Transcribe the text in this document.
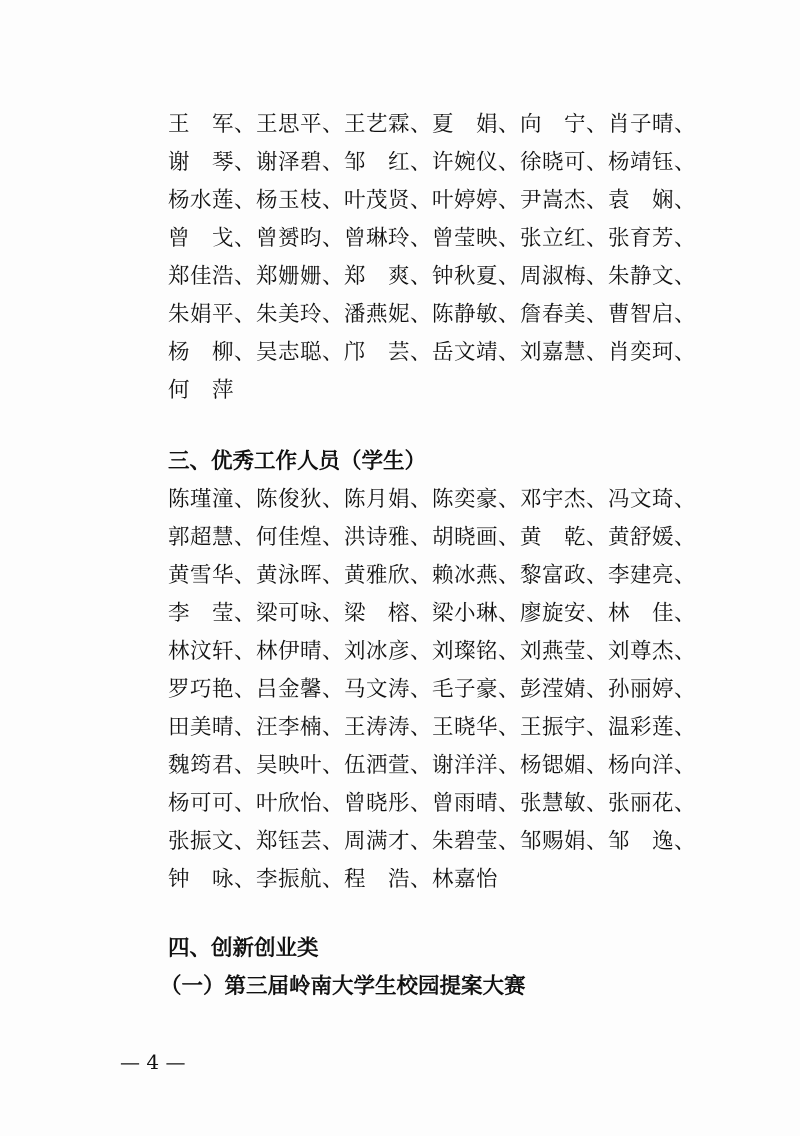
王　军、王思平、王艺霖、夏　娟、向　宁、肖子晴、
谢　琴、谢泽碧、邹　红、许婉仪、徐晓可、杨靖钰、
杨水莲、杨玉枝、叶茂贤、叶婷婷、尹嵩杰、袁　娴、
曾　戈、曾赟昀、曾琳玲、曾莹映、张立红、张育芳、
郑佳浩、郑姗姗、郑　爽、钟秋夏、周淑梅、朱静文、
朱娟平、朱美玲、潘燕妮、陈静敏、詹春美、曹智启、
杨　柳、吴志聪、邝　芸、岳文靖、刘嘉慧、肖奕珂、
何　萍
三、优秀工作人员（学生）
陈瑾潼、陈俊狄、陈月娟、陈奕豪、邓宇杰、冯文琦、
郭超慧、何佳煌、洪诗雅、胡晓画、黄　乾、黄舒媛、
黄雪华、黄泳晖、黄雅欣、赖冰燕、黎富政、李建亮、
李　莹、梁可咏、梁　榕、梁小琳、廖旋安、林　佳、
林汶轩、林伊晴、刘冰彦、刘璨铭、刘燕莹、刘尊杰、
罗巧艳、吕金馨、马文涛、毛子豪、彭滢婧、孙丽婷、
田美晴、汪李楠、王涛涛、王晓华、王振宇、温彩莲、
魏筠君、吴映叶、伍洒萱、谢洋洋、杨锶媚、杨向洋、
杨可可、叶欣怡、曾晓彤、曾雨晴、张慧敏、张丽花、
张振文、郑钰芸、周满才、朱碧莹、邹赐娟、邹　逸、
钟　咏、李振航、程　浩、林嘉怡
四、创新创业类
（一）第三届岭南大学生校园提案大赛
— 4 —
